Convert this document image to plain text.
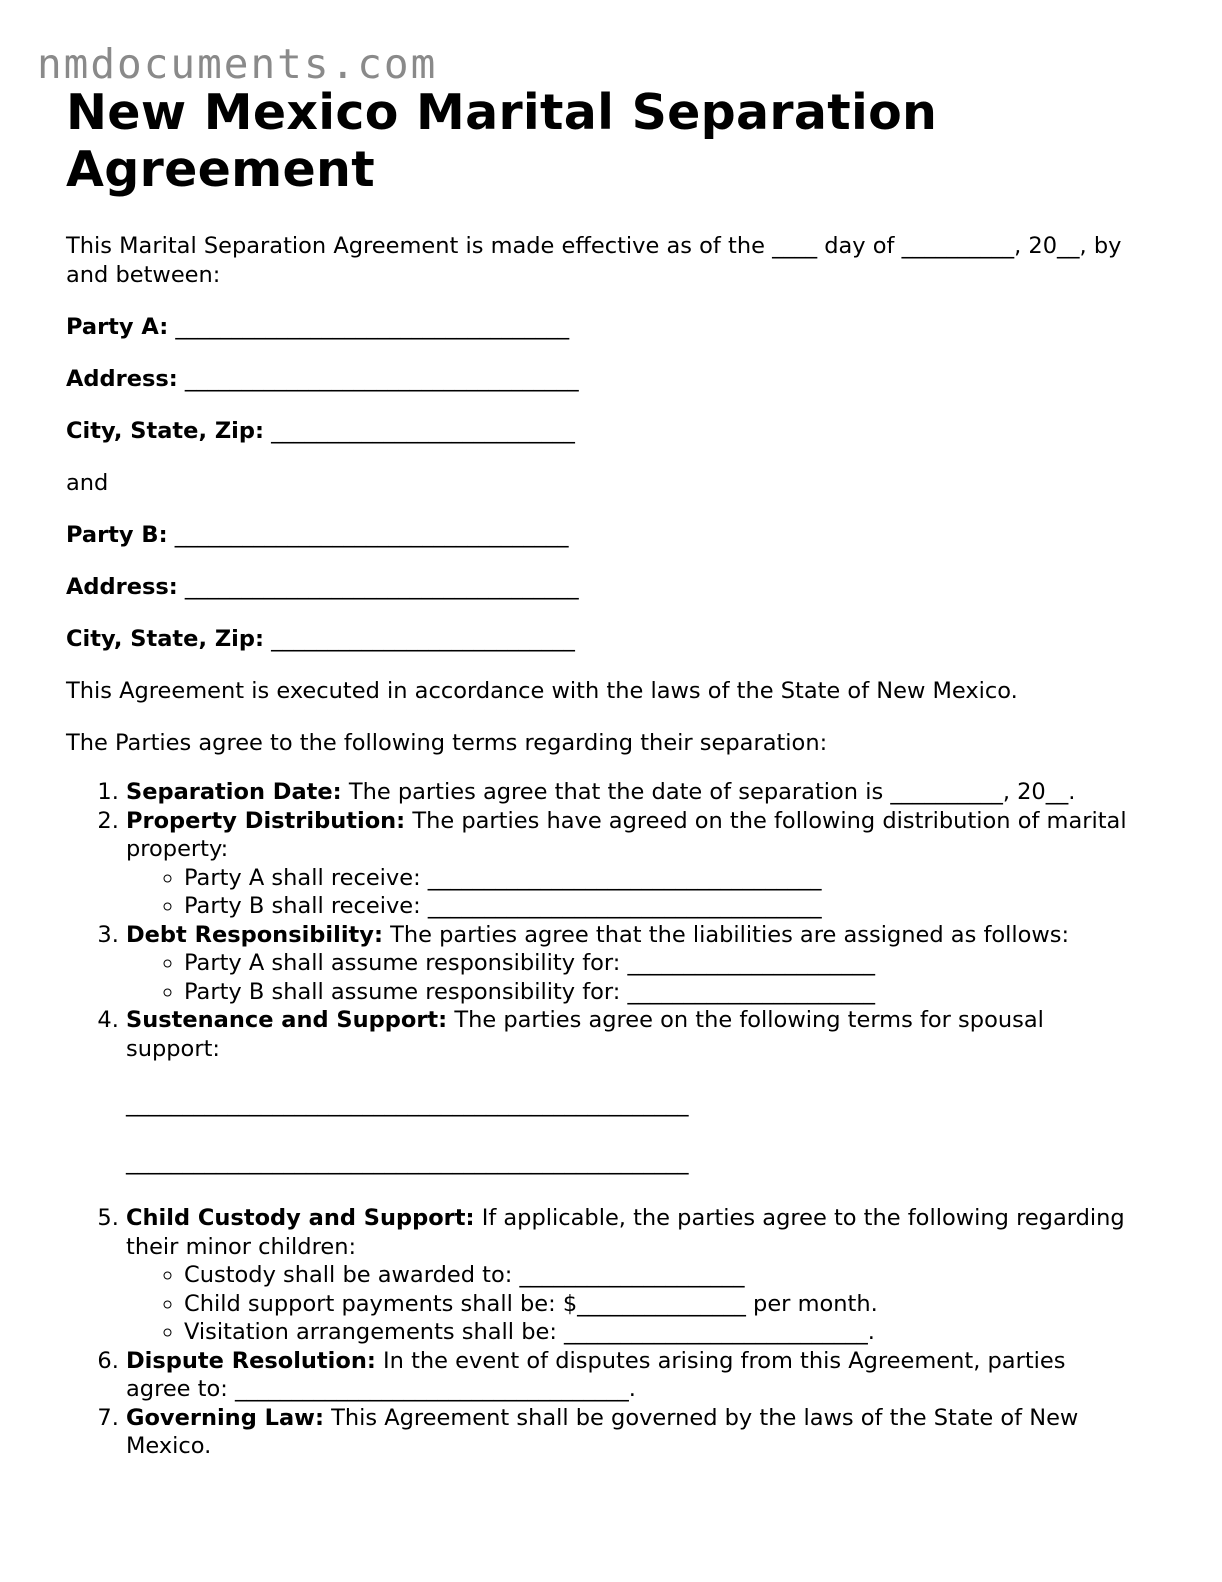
nmdocuments.com
New Mexico Marital Separation Agreement

This Marital Separation Agreement is made effective as of the ____ day of __________, 20__, by and between:

Party A: ___________________________________
Address: ___________________________________
City, State, Zip: ___________________________

and

Party B: ___________________________________
Address: ___________________________________
City, State, Zip: ___________________________

This Agreement is executed in accordance with the laws of the State of New Mexico.

The Parties agree to the following terms regarding their separation:

1. Separation Date: The parties agree that the date of separation is __________, 20__.
2. Property Distribution: The parties have agreed on the following distribution of marital property:
◦ Party A shall receive: ___________________________________
◦ Party B shall receive: ___________________________________
3. Debt Responsibility: The parties agree that the liabilities are assigned as follows:
◦ Party A shall assume responsibility for: ______________________
◦ Party B shall assume responsibility for: ______________________
4. Sustenance and Support: The parties agree on the following terms for spousal support:
__________________________________________________
__________________________________________________
5. Child Custody and Support: If applicable, the parties agree to the following regarding their minor children:
◦ Custody shall be awarded to: ____________________
◦ Child support payments shall be: $_______________ per month.
◦ Visitation arrangements shall be: ___________________________.
6. Dispute Resolution: In the event of disputes arising from this Agreement, parties agree to: ___________________________________.
7. Governing Law: This Agreement shall be governed by the laws of the State of New Mexico.
